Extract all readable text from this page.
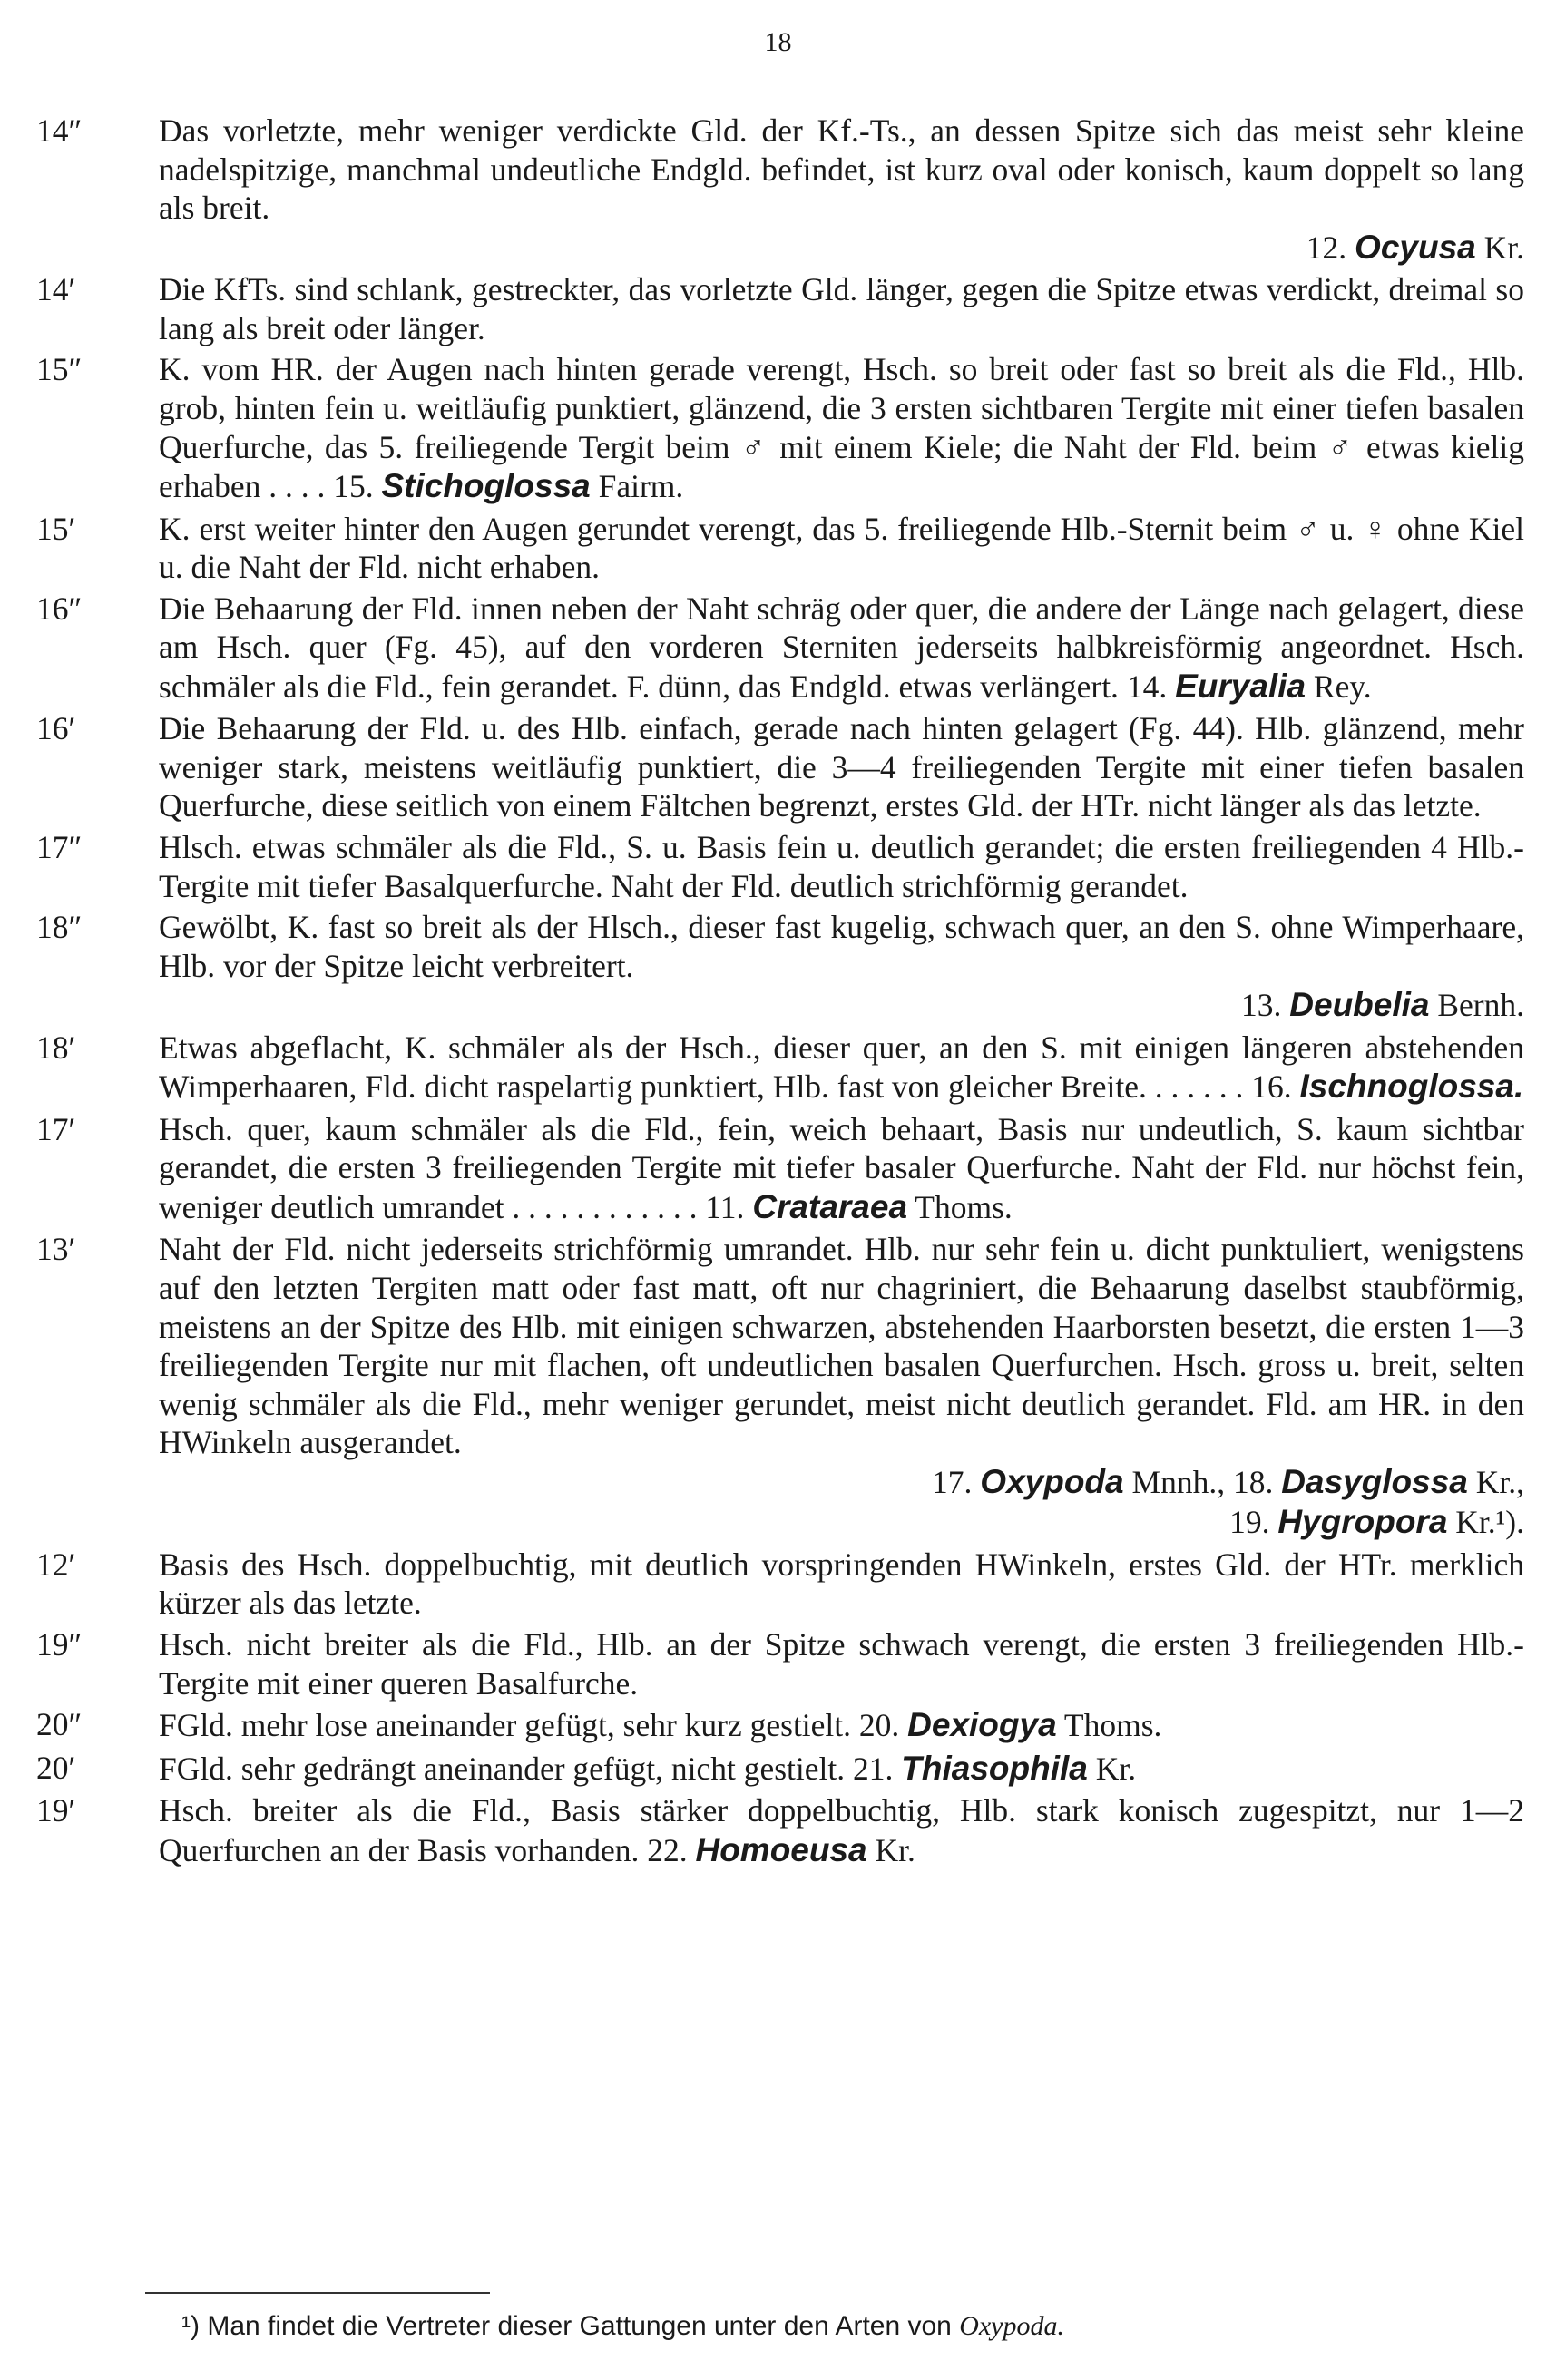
18
14″	Das vorletzte, mehr weniger verdickte Gld. der Kf.-Ts., an dessen Spitze sich das meist sehr kleine nadelspitzige, manchmal undeutliche Endgld. befindet, ist kurz oval oder konisch, kaum doppelt so lang als breit.
12. Ocyusa Kr.
14′	Die KfTs. sind schlank, gestreckter, das vorletzte Gld. länger, gegen die Spitze etwas verdickt, dreimal so lang als breit oder länger.
15″	K. vom HR. der Augen nach hinten gerade verengt, Hsch. so breit oder fast so breit als die Fld., Hlb. grob, hinten fein u. weitläufig punktiert, glänzend, die 3 ersten sichtbaren Tergite mit einer tiefen basalen Querfurche, das 5. freiliegende Tergit beim ♂ mit einem Kiele; die Naht der Fld. beim ♂ etwas kielig erhaben . . . . 15. Stichoglossa Fairm.
15′	K. erst weiter hinter den Augen gerundet verengt, das 5. freiliegende Hlb.-Sternit beim ♂ u. ♀ ohne Kiel u. die Naht der Fld. nicht erhaben.
16″	Die Behaarung der Fld. innen neben der Naht schräg oder quer, die andere der Länge nach gelagert, diese am Hsch. quer (Fg. 45), auf den vorderen Sterniten jederseits halbkreisförmig angeordnet. Hsch. schmäler als die Fld., fein gerandet. F. dünn, das Endgld. etwas verlängert. 14. Euryalia Rey.
16′	Die Behaarung der Fld. u. des Hlb. einfach, gerade nach hinten gelagert (Fg. 44). Hlb. glänzend, mehr weniger stark, meistens weitläufig punktiert, die 3—4 freiliegenden Tergite mit einer tiefen basalen Querfurche, diese seitlich von einem Fältchen begrenzt, erstes Gld. der HTr. nicht länger als das letzte.
17″	Hlsch. etwas schmäler als die Fld., S. u. Basis fein u. deutlich gerandet; die ersten freiliegenden 4 Hlb.-Tergite mit tiefer Basalquerfurche. Naht der Fld. deutlich strichförmig gerandet.
18″	Gewölbt, K. fast so breit als der Hlsch., dieser fast kugelig, schwach quer, an den S. ohne Wimperhaare, Hlb. vor der Spitze leicht verbreitert.
13. Deubelia Bernh.
18′	Etwas abgeflacht, K. schmäler als der Hsch., dieser quer, an den S. mit einigen längeren abstehenden Wimperhaaren, Fld. dicht raspelartig punktiert, Hlb. fast von gleicher Breite. . . . . . . 16. Ischnoglossa.
17′	Hsch. quer, kaum schmäler als die Fld., fein, weich behaart, Basis nur undeutlich, S. kaum sichtbar gerandet, die ersten 3 freiliegenden Tergite mit tiefer basaler Querfurche. Naht der Fld. nur höchst fein, weniger deutlich umrandet . . . . . . . . . . . . 11. Crataraea Thoms.
13′	Naht der Fld. nicht jederseits strichförmig umrandet. Hlb. nur sehr fein u. dicht punktuliert, wenigstens auf den letzten Tergiten matt oder fast matt, oft nur chagriniert, die Behaarung daselbst staubförmig, meistens an der Spitze des Hlb. mit einigen schwarzen, abstehenden Haarborsten besetzt, die ersten 1—3 freiliegenden Tergite nur mit flachen, oft undeutlichen basalen Querfurchen. Hsch. gross u. breit, selten wenig schmäler als die Fld., mehr weniger gerundet, meist nicht deutlich gerandet. Fld. am HR. in den HWinkeln ausgerandet.
17. Oxypoda Mnnh., 18. Dasyglossa Kr.,
19. Hygropora Kr.¹).
12′	Basis des Hsch. doppelbuchtig, mit deutlich vorspringenden HWinkeln, erstes Gld. der HTr. merklich kürzer als das letzte.
19″	Hsch. nicht breiter als die Fld., Hlb. an der Spitze schwach verengt, die ersten 3 freiliegenden Hlb.-Tergite mit einer queren Basalfurche.
20″	FGld. mehr lose aneinander gefügt, sehr kurz gestielt. 20. Dexiogya Thoms.
20′	FGld. sehr gedrängt aneinander gefügt, nicht gestielt. 21. Thiasophila Kr.
19′	Hsch. breiter als die Fld., Basis stärker doppelbuchtig, Hlb. stark konisch zugespitzt, nur 1—2 Querfurchen an der Basis vorhanden. 22. Homoeusa Kr.
¹) Man findet die Vertreter dieser Gattungen unter den Arten von Oxypoda.
